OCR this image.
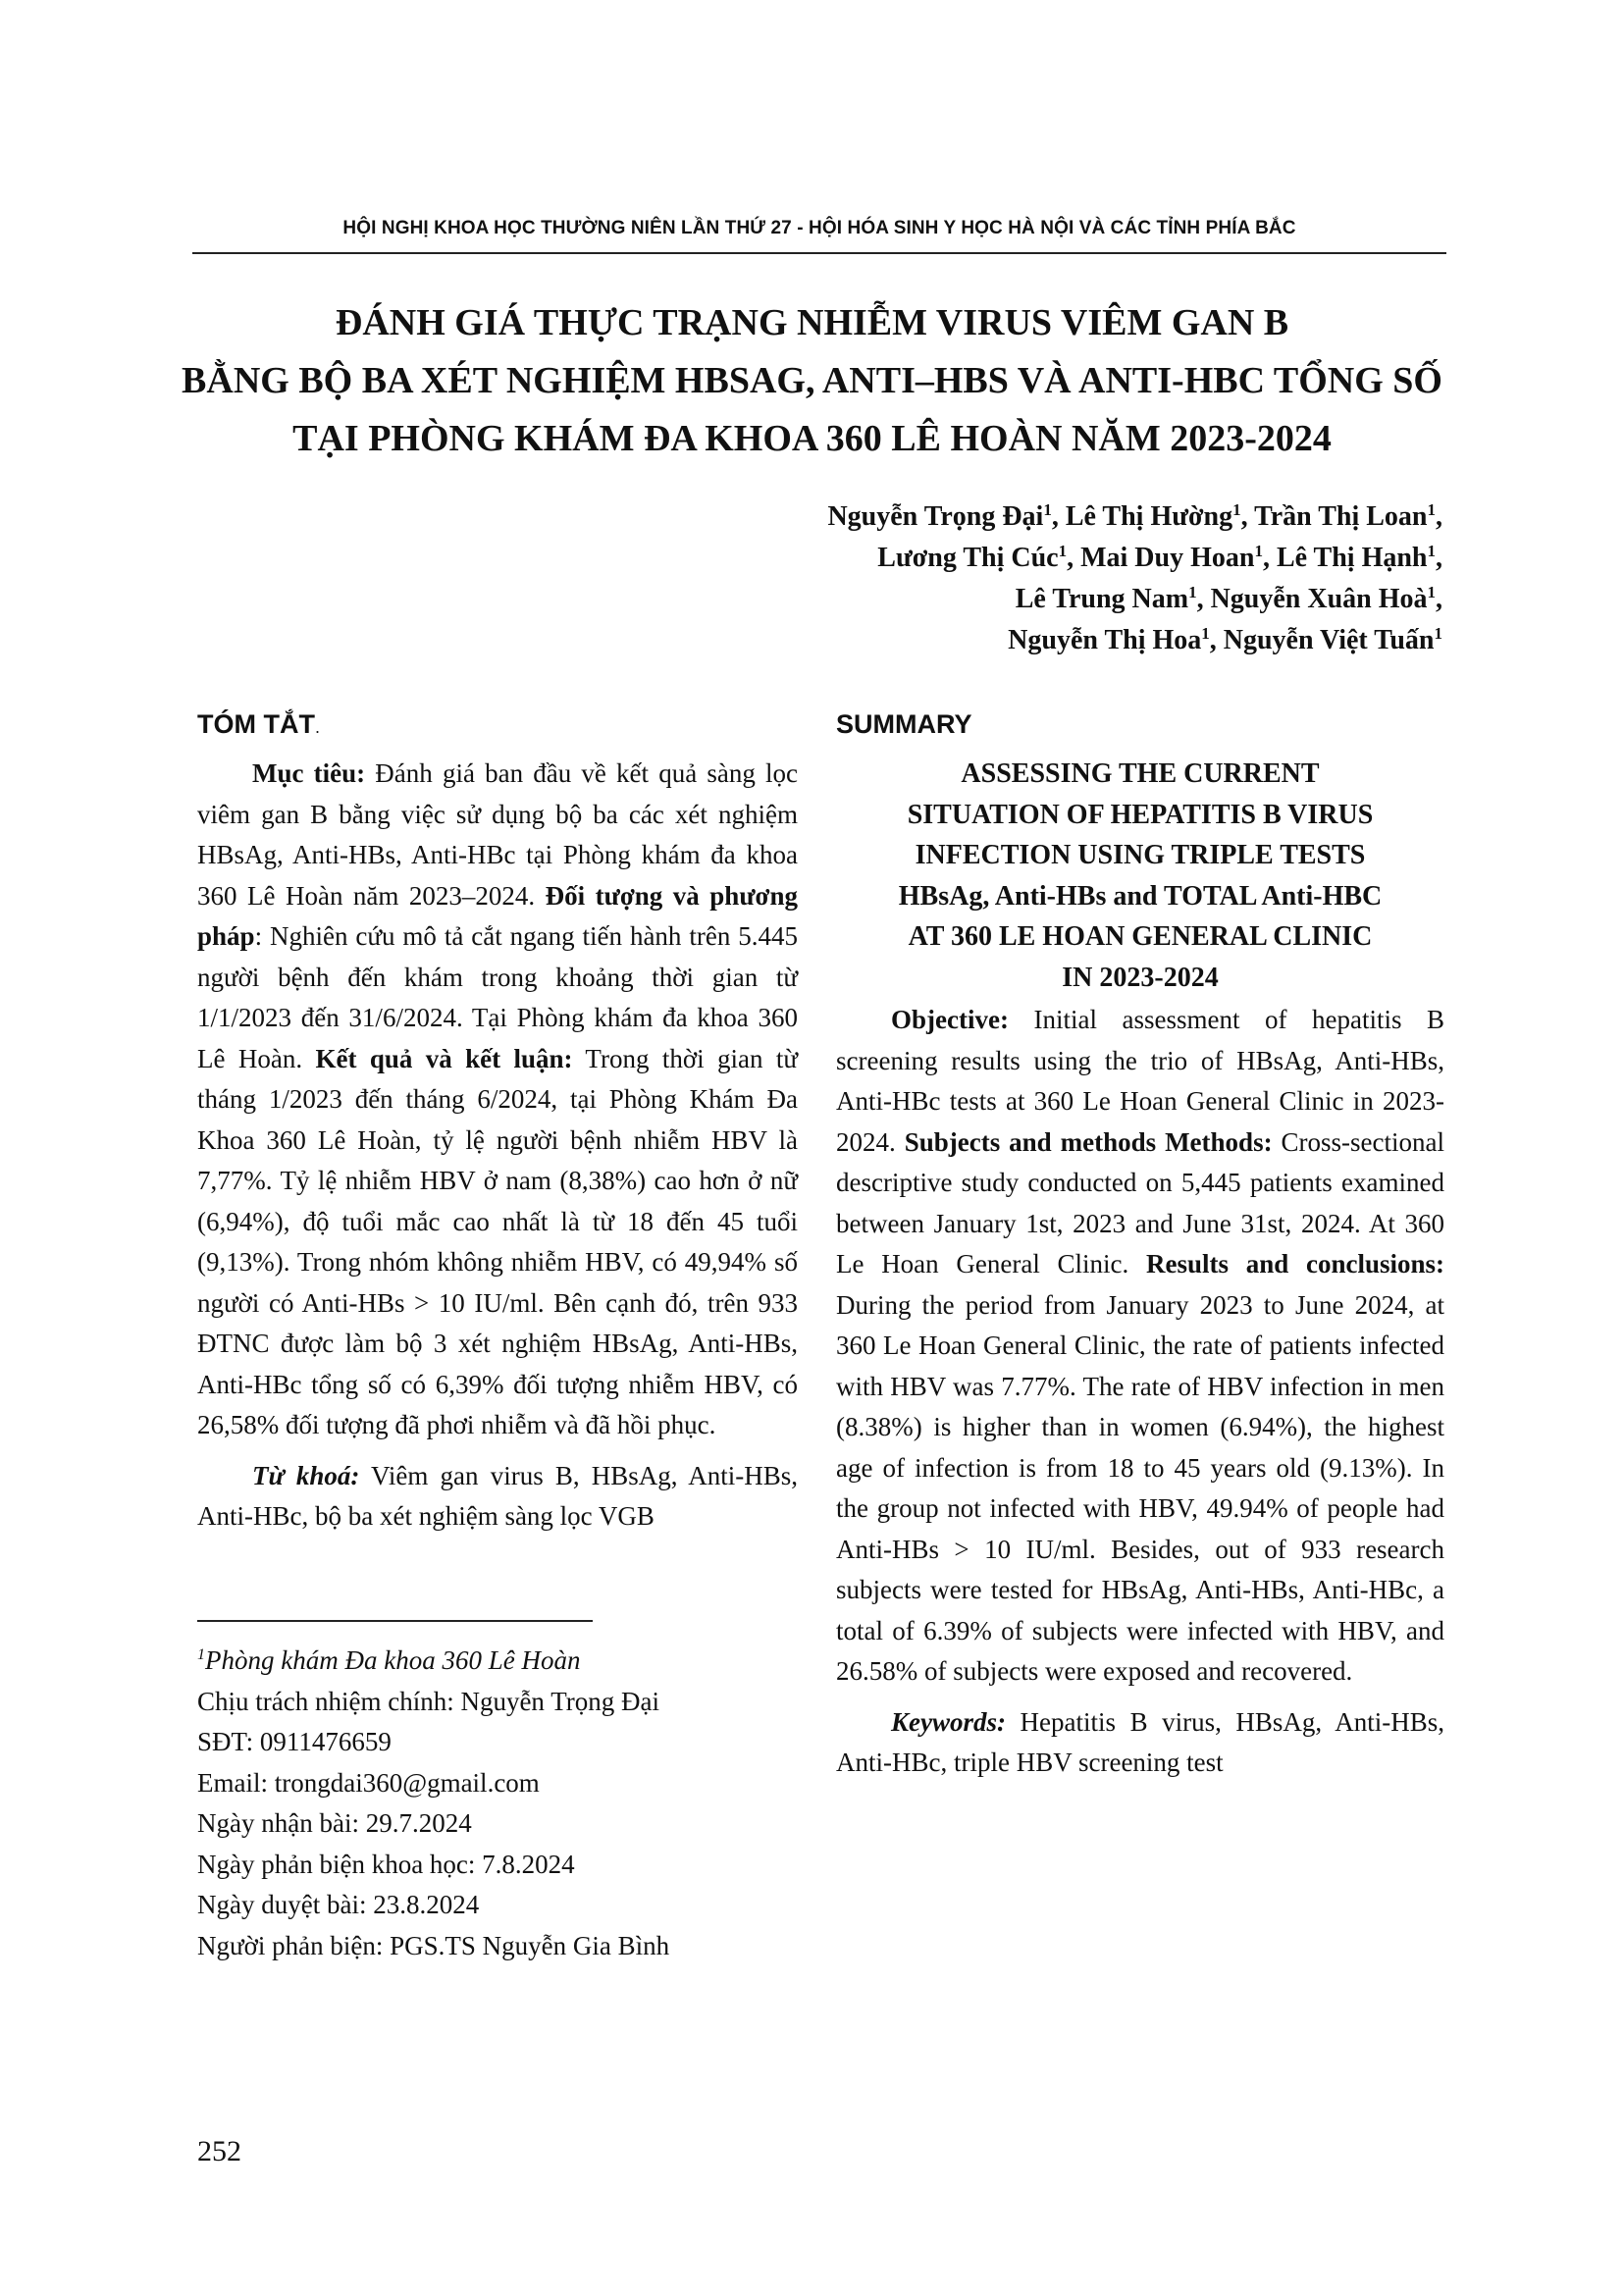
HỘI NGHỊ KHOA HỌC THƯỜNG NIÊN LẦN THỨ 27 - HỘI HÓA SINH Y HỌC HÀ NỘI VÀ CÁC TỈNH PHÍA BẮC
ĐÁNH GIÁ THỰC TRẠNG NHIỄM VIRUS VIÊM GAN B
BẰNG BỘ BA XÉT NGHIỆM HBSAG, ANTI–HBS VÀ ANTI-HBC TỔNG SỐ
TẠI PHÒNG KHÁM ĐA KHOA 360 LÊ HOÀN NĂM 2023-2024
Nguyễn Trọng Đại$^1$, Lê Thị Hường$^1$, Trần Thị Loan$^1$,
Lương Thị Cúc$^1$, Mai Duy Hoan$^1$, Lê Thị Hạnh$^1$,
Lê Trung Nam$^1$, Nguyễn Xuân Hoà$^1$,
Nguyễn Thị Hoa$^1$, Nguyễn Việt Tuấn$^1$
TÓM TẮT.

Mục tiêu: Đánh giá ban đầu về kết quả sàng lọc viêm gan B bằng việc sử dụng bộ ba các xét nghiệm HBsAg, Anti-HBs, Anti-HBc tại Phòng khám đa khoa 360 Lê Hoàn năm 2023–2024. Đối tượng và phương pháp: Nghiên cứu mô tả cắt ngang tiến hành trên 5.445 người bệnh đến khám trong khoảng thời gian từ 1/1/2023 đến 31/6/2024. Tại Phòng khám đa khoa 360 Lê Hoàn. Kết quả và kết luận: Trong thời gian từ tháng 1/2023 đến tháng 6/2024, tại Phòng Khám Đa Khoa 360 Lê Hoàn, tỷ lệ người bệnh nhiễm HBV là 7,77%. Tỷ lệ nhiễm HBV ở nam (8,38%) cao hơn ở nữ (6,94%), độ tuổi mắc cao nhất là từ 18 đến 45 tuổi (9,13%). Trong nhóm không nhiễm HBV, có 49,94% số người có Anti-HBs > 10 IU/ml. Bên cạnh đó, trên 933 ĐTNC được làm bộ 3 xét nghiệm HBsAg, Anti-HBs, Anti-HBc tổng số có 6,39% đối tượng nhiễm HBV, có 26,58% đối tượng đã phơi nhiễm và đã hồi phục.

Từ khoá: Viêm gan virus B, HBsAg, Anti-HBs, Anti-HBc, bộ ba xét nghiệm sàng lọc VGB

SUMMARY
ASSESSING THE CURRENT
SITUATION OF HEPATITIS B VIRUS
INFECTION USING TRIPLE TESTS
HBsAg, Anti-HBs and TOTAL Anti-HBC
AT 360 LE HOAN GENERAL CLINIC
IN 2023-2024

Objective: Initial assessment of hepatitis B screening results using the trio of HBsAg, Anti-HBs, Anti-HBc tests at 360 Le Hoan General Clinic in 2023-2024. Subjects and methods Methods: Cross-sectional descriptive study conducted on 5,445 patients examined between January 1st, 2023 and June 31st, 2024. At 360 Le Hoan General Clinic. Results and conclusions: During the period from January 2023 to June 2024, at 360 Le Hoan General Clinic, the rate of patients infected with HBV was 7.77%. The rate of HBV infection in men (8.38%) is higher than in women (6.94%), the highest age of infection is from 18 to 45 years old (9.13%). In the group not infected with HBV, 49.94% of people had Anti-HBs > 10 IU/ml. Besides, out of 933 research subjects were tested for HBsAg, Anti-HBs, Anti-HBc, a total of 6.39% of subjects were infected with HBV, and 26.58% of subjects were exposed and recovered.

Keywords: Hepatitis B virus, HBsAg, Anti-HBs, Anti-HBc, triple HBV screening test

$^1$Phòng khám Đa khoa 360 Lê Hoàn
Chịu trách nhiệm chính: Nguyễn Trọng Đại
SĐT: 0911476659
Email: trongdai360@gmail.com
Ngày nhận bài: 29.7.2024
Ngày phản biện khoa học: 7.8.2024
Ngày duyệt bài: 23.8.2024
Người phản biện: PGS.TS Nguyễn Gia Bình
252
